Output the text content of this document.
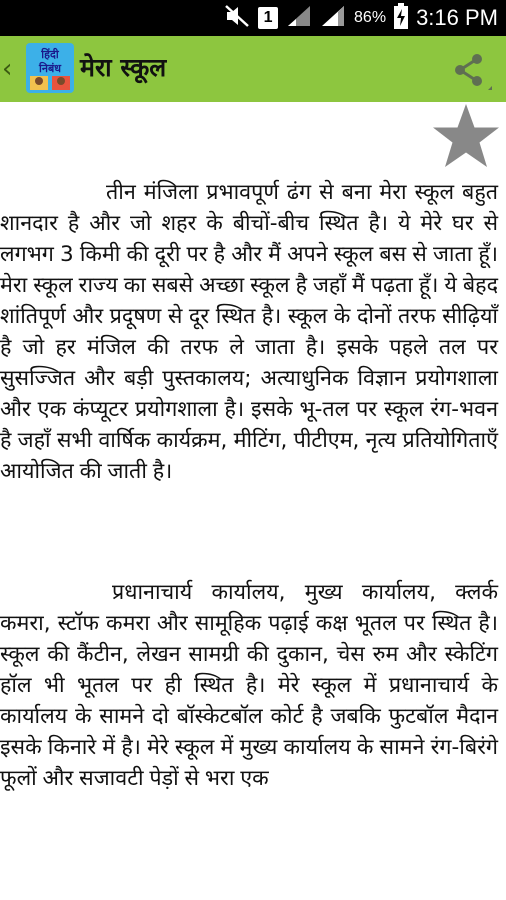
1	86% 3:16 PM
‹	हिंदी
निबंध मेरा स्कूल

तीन मंजिला प्रभावपूर्ण ढंग से बना मेरा स्कूल बहुत शानदार है और जो शहर के बीचों-बीच स्थित है। ये मेरे घर से लगभग 3 किमी की दूरी पर है और मैं अपने स्कूल बस से जाता हूँ। मेरा स्कूल राज्य का सबसे अच्छा स्कूल है जहाँ मैं पढ़ता हूँ। ये बेहद शांतिपूर्ण और प्रदूषण से दूर स्थित है। स्कूल के दोनों तरफ सीढ़ियाँ है जो हर मंजिल की तरफ ले जाता है। इसके पहले तल पर सुसज्जित और बड़ी पुस्तकालय; अत्याधुनिक विज्ञान प्रयोगशाला और एक कंप्यूटर प्रयोगशाला है। इसके भू-तल पर स्कूल रंग-भवन है जहाँ सभी वार्षिक कार्यक्रम, मीटिंग, पीटीएम, नृत्य प्रतियोगिताएँ आयोजित की जाती है।

प्रधानाचार्य कार्यालय, मुख्य कार्यालय, क्लर्क कमरा, स्टॉफ कमरा और सामूहिक पढ़ाई कक्ष भूतल पर स्थित है। स्कूल की कैंटीन, लेखन सामग्री की दुकान, चेस रुम और स्केटिंग हॉल भी भूतल पर ही स्थित है। मेरे स्कूल में प्रधानाचार्य के कार्यालय के सामने दो बॉस्केटबॉल कोर्ट है जबकि फुटबॉल मैदान इसके किनारे में है। मेरे स्कूल में मुख्य कार्यालय के सामने रंग-बिरंगे फूलों और सजावटी पेड़ों से भरा एक
